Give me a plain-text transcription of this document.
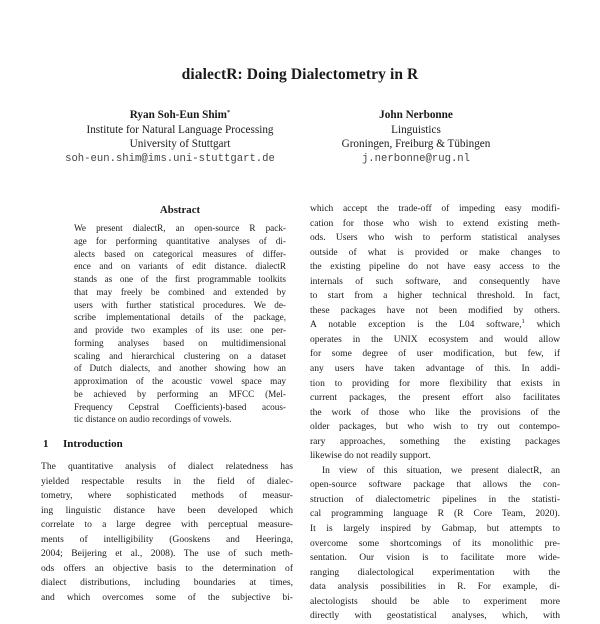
dialectR: Doing Dialectometry in R
Ryan Soh-Eun Shim*
Institute for Natural Language Processing
University of Stuttgart
soh-eun.shim@ims.uni-stuttgart.de
John Nerbonne
Linguistics
Groningen, Freiburg & Tübingen
j.nerbonne@rug.nl
Abstract
We present dialectR, an open-source R pack-
age for performing quantitative analyses of di-
alects based on categorical measures of differ-
ence and on variants of edit distance. dialectR
stands as one of the first programmable toolkits
that may freely be combined and extended by
users with further statistical procedures. We de-
scribe implementational details of the package,
and provide two examples of its use: one per-
forming analyses based on multidimensional
scaling and hierarchical clustering on a dataset
of Dutch dialects, and another showing how an
approximation of the acoustic vowel space may
be achieved by performing an MFCC (Mel-
Frequency Cepstral Coefficients)-based acous-
tic distance on audio recordings of vowels.
1 Introduction
The quantitative analysis of dialect relatedness has
yielded respectable results in the field of dialec-
tometry, where sophisticated methods of measur-
ing linguistic distance have been developed which
correlate to a large degree with perceptual measure-
ments of intelligibility (Gooskens and Heeringa,
2004; Beijering et al., 2008). The use of such meth-
ods offers an objective basis to the determination of
dialect distributions, including boundaries at times,
and which overcomes some of the subjective bi-
which accept the trade-off of impeding easy modifi-
cation for those who wish to extend existing meth-
ods. Users who wish to perform statistical analyses
outside of what is provided or make changes to
the existing pipeline do not have easy access to the
internals of such software, and consequently have
to start from a higher technical threshold. In fact,
these packages have not been modified by others.
A notable exception is the L04 software,$^1$ which
operates in the UNIX ecosystem and would allow
for some degree of user modification, but few, if
any users have taken advantage of this. In addi-
tion to providing for more flexibility that exists in
current packages, the present effort also facilitates
the work of those who like the provisions of the
older packages, but who wish to try out contempo-
rary approaches, something the existing packages
likewise do not readily support.
In view of this situation, we present dialectR, an
open-source software package that allows the con-
struction of dialectometric pipelines in the statisti-
cal programming language R (R Core Team, 2020).
It is largely inspired by Gabmap, but attempts to
overcome some shortcomings of its monolithic pre-
sentation. Our vision is to facilitate more wide-
ranging dialectological experimentation with the
data analysis possibilities in R. For example, di-
alectologists should be able to experiment more
directly with geostatistical analyses, which, with
